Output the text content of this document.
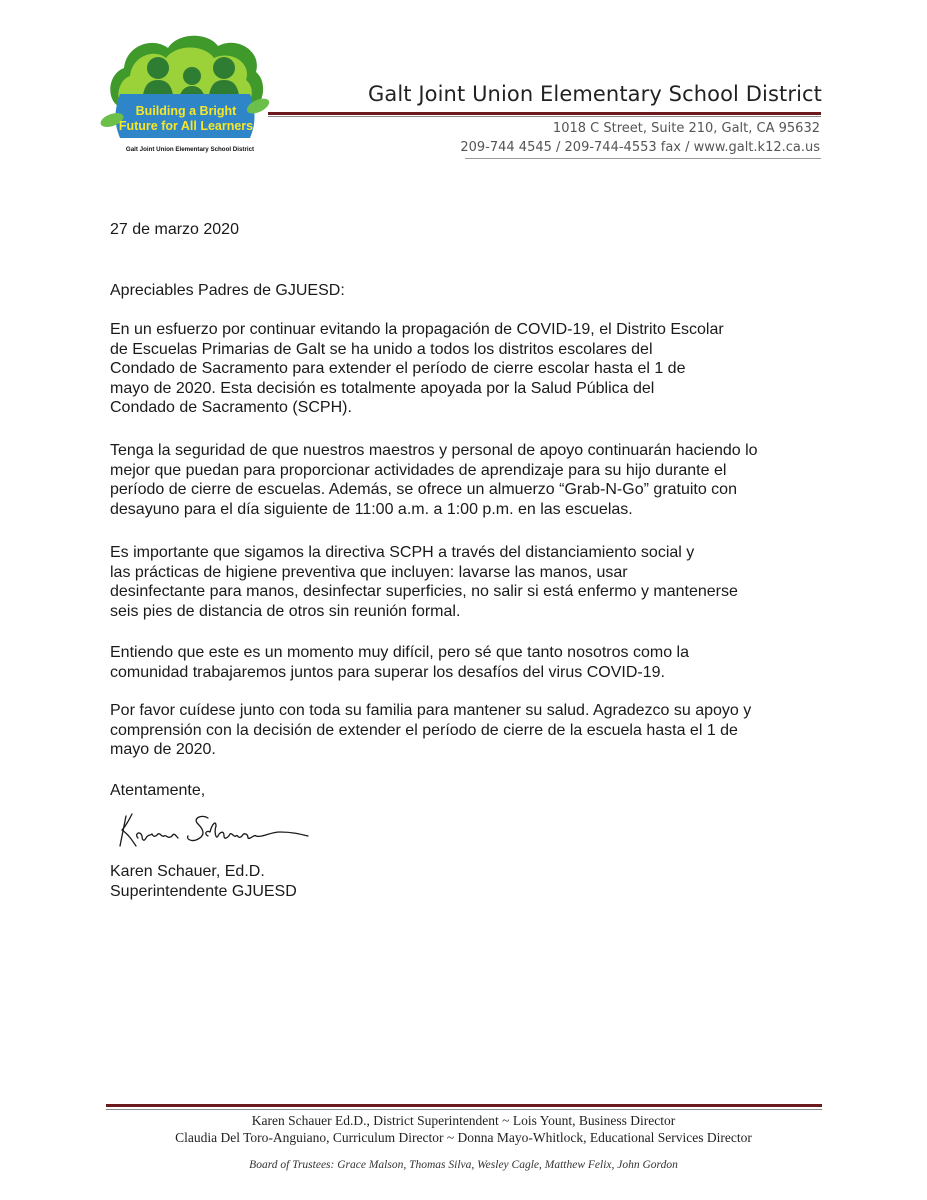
Building a Bright
Future for All Learners
Galt Joint Union Elementary School District
Galt Joint Union Elementary School District
1018 C Street, Suite 210, Galt, CA 95632
209-744 4545 / 209-744-4553 fax / www.galt.k12.ca.us
27 de marzo 2020
Apreciables Padres de GJUESD:
En un esfuerzo por continuar evitando la propagación de COVID-19, el Distrito Escolar
de Escuelas Primarias de Galt se ha unido a todos los distritos escolares del
Condado de Sacramento para extender el período de cierre escolar hasta el 1 de
mayo de 2020. Esta decisión es totalmente apoyada por la Salud Pública del
Condado de Sacramento (SCPH).
Tenga la seguridad de que nuestros maestros y personal de apoyo continuarán haciendo lo
mejor que puedan para proporcionar actividades de aprendizaje para su hijo durante el
período de cierre de escuelas. Además, se ofrece un almuerzo “Grab-N-Go” gratuito con
desayuno para el día siguiente de 11:00 a.m. a 1:00 p.m. en las escuelas.
Es importante que sigamos la directiva SCPH a través del distanciamiento social y
las prácticas de higiene preventiva que incluyen: lavarse las manos, usar
desinfectante para manos, desinfectar superficies, no salir si está enfermo y mantenerse
seis pies de distancia de otros sin reunión formal.
Entiendo que este es un momento muy difícil, pero sé que tanto nosotros como la
comunidad trabajaremos juntos para superar los desafíos del virus COVID-19.
Por favor cuídese junto con toda su familia para mantener su salud. Agradezco su apoyo y
comprensión con la decisión de extender el período de cierre de la escuela hasta el 1 de
mayo de 2020.
Atentamente,
Karen Schauer, Ed.D.
Superintendente GJUESD
Karen Schauer Ed.D., District Superintendent ~ Lois Yount, Business Director
Claudia Del Toro-Anguiano, Curriculum Director ~ Donna Mayo-Whitlock, Educational Services Director
Board of Trustees: Grace Malson, Thomas Silva, Wesley Cagle, Matthew Felix, John Gordon
